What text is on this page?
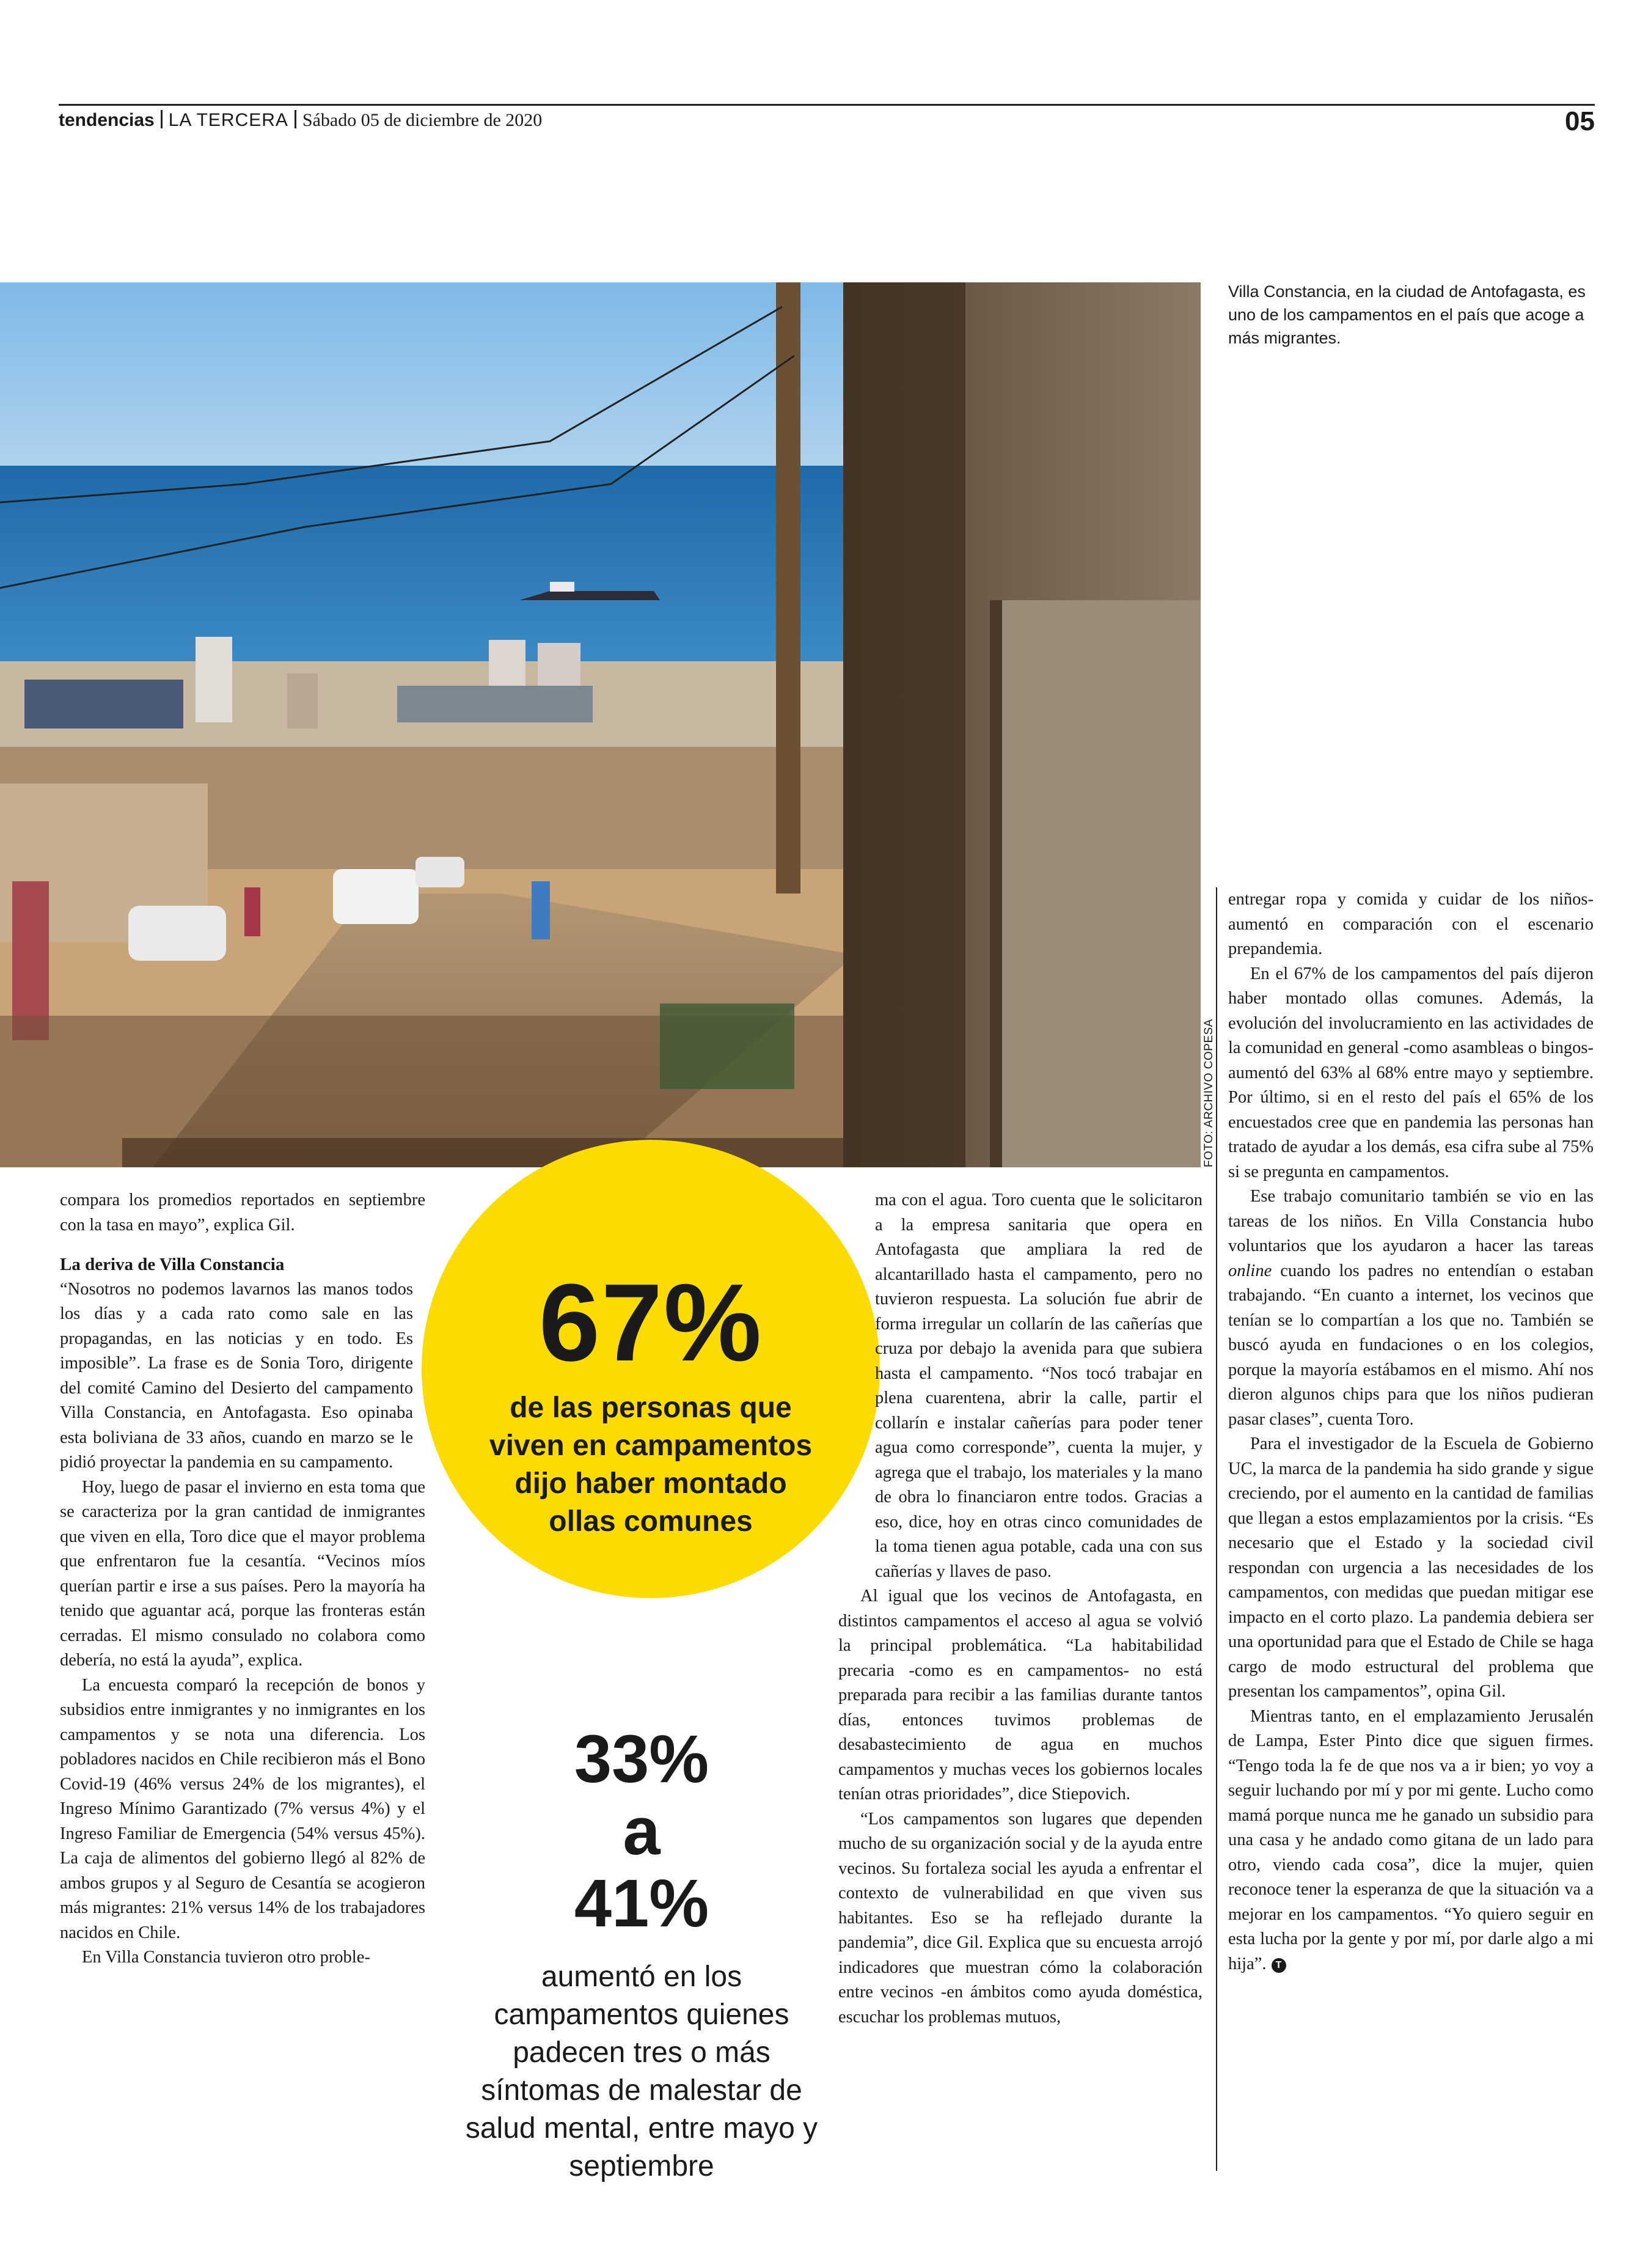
tendencias LA TERCERA Sábado 05 de diciembre de 2020	05
FOTO: ARCHIVO COPESA
Villa Constancia, en la ciudad de Antofagasta, es uno de los campamentos en el país que acoge a más migrantes.

compara los promedios reportados en septiembre con la tasa en mayo”, explica Gil.

La deriva de Villa Constancia

“Nosotros no podemos lavarnos las manos todos los días y a cada rato como sale en las propagandas, en las noticias y en todo. Es imposible”. La frase es de Sonia Toro, dirigente del comité Camino del Desierto del campamento Villa Constancia, en Antofagasta. Eso opinaba esta boliviana de 33 años, cuando en marzo se le pidió proyectar la pandemia en su campamento.

Hoy, luego de pasar el invierno en esta toma que se caracteriza por la gran cantidad de inmigrantes que viven en ella, Toro dice que el mayor problema que enfrentaron fue la cesantía. “Vecinos míos querían partir e irse a sus países. Pero la mayoría ha tenido que aguantar acá, porque las fronteras están cerradas. El mismo consulado no colabora como debería, no está la ayuda”, explica.

La encuesta comparó la recepción de bonos y subsidios entre inmigrantes y no inmigrantes en los campamentos y se nota una diferencia. Los pobladores nacidos en Chile recibieron más el Bono Covid-19 (46% versus 24% de los migrantes), el Ingreso Mínimo Garantizado (7% versus 4%) y el Ingreso Familiar de Emergencia (54% versus 45%). La caja de alimentos del gobierno llegó al 82% de ambos grupos y al Seguro de Cesantía se acogieron más migrantes: 21% versus 14% de los trabajadores nacidos en Chile.

En Villa Constancia tuvieron otro proble-

67%
de las personas que viven en campamentos dijo haber montado ollas comunes
33%
a
41%
aumentó en los campamentos quienes padecen tres o más síntomas de malestar de salud mental, entre mayo y septiembre

ma con el agua. Toro cuenta que le solicitaron a la empresa sanitaria que opera en Antofagasta que ampliara la red de alcantarillado hasta el campamento, pero no tuvieron respuesta. La solución fue abrir de forma irregular un collarín de las cañerías que cruza por debajo la avenida para que subiera hasta el campamento. “Nos tocó trabajar en plena cuarentena, abrir la calle, partir el collarín e instalar cañerías para poder tener agua como corresponde”, cuenta la mujer, y agrega que el trabajo, los materiales y la mano de obra lo financiaron entre todos. Gracias a eso, dice, hoy en otras cinco comunidades de la toma tienen agua potable, cada una con sus cañerías y llaves de paso.

Al igual que los vecinos de Antofagasta, en distintos campamentos el acceso al agua se volvió la principal problemática. “La habitabilidad precaria -como es en campamentos- no está preparada para recibir a las familias durante tantos días, entonces tuvimos problemas de desabastecimiento de agua en muchos campamentos y muchas veces los gobiernos locales tenían otras prioridades”, dice Stiepovich.

“Los campamentos son lugares que dependen mucho de su organización social y de la ayuda entre vecinos. Su fortaleza social les ayuda a enfrentar el contexto de vulnerabilidad en que viven sus habitantes. Eso se ha reflejado durante la pandemia”, dice Gil. Explica que su encuesta arrojó indicadores que muestran cómo la colaboración entre vecinos -en ámbitos como ayuda doméstica, escuchar los problemas mutuos,

entregar ropa y comida y cuidar de los niños- aumentó en comparación con el escenario prepandemia.

En el 67% de los campamentos del país dijeron haber montado ollas comunes. Además, la evolución del involucramiento en las actividades de la comunidad en general -como asambleas o bingos- aumentó del 63% al 68% entre mayo y septiembre. Por último, si en el resto del país el 65% de los encuestados cree que en pandemia las personas han tratado de ayudar a los demás, esa cifra sube al 75% si se pregunta en campamentos.

Ese trabajo comunitario también se vio en las tareas de los niños. En Villa Constancia hubo voluntarios que los ayudaron a hacer las tareas online cuando los padres no entendían o estaban trabajando. “En cuanto a internet, los vecinos que tenían se lo compartían a los que no. También se buscó ayuda en fundaciones o en los colegios, porque la mayoría estábamos en el mismo. Ahí nos dieron algunos chips para que los niños pudieran pasar clases”, cuenta Toro.

Para el investigador de la Escuela de Gobierno UC, la marca de la pandemia ha sido grande y sigue creciendo, por el aumento en la cantidad de familias que llegan a estos emplazamientos por la crisis. “Es necesario que el Estado y la sociedad civil respondan con urgencia a las necesidades de los campamentos, con medidas que puedan mitigar ese impacto en el corto plazo. La pandemia debiera ser una oportunidad para que el Estado de Chile se haga cargo de modo estructural del problema que presentan los campamentos”, opina Gil.

Mientras tanto, en el emplazamiento Jerusalén de Lampa, Ester Pinto dice que siguen firmes. “Tengo toda la fe de que nos va a ir bien; yo voy a seguir luchando por mí y por mi gente. Lucho como mamá porque nunca me he ganado un subsidio para una casa y he andado como gitana de un lado para otro, viendo cada cosa”, dice la mujer, quien reconoce tener la esperanza de que la situación va a mejorar en los campamentos. “Yo quiero seguir en esta lucha por la gente y por mí, por darle algo a mi hija”. T
